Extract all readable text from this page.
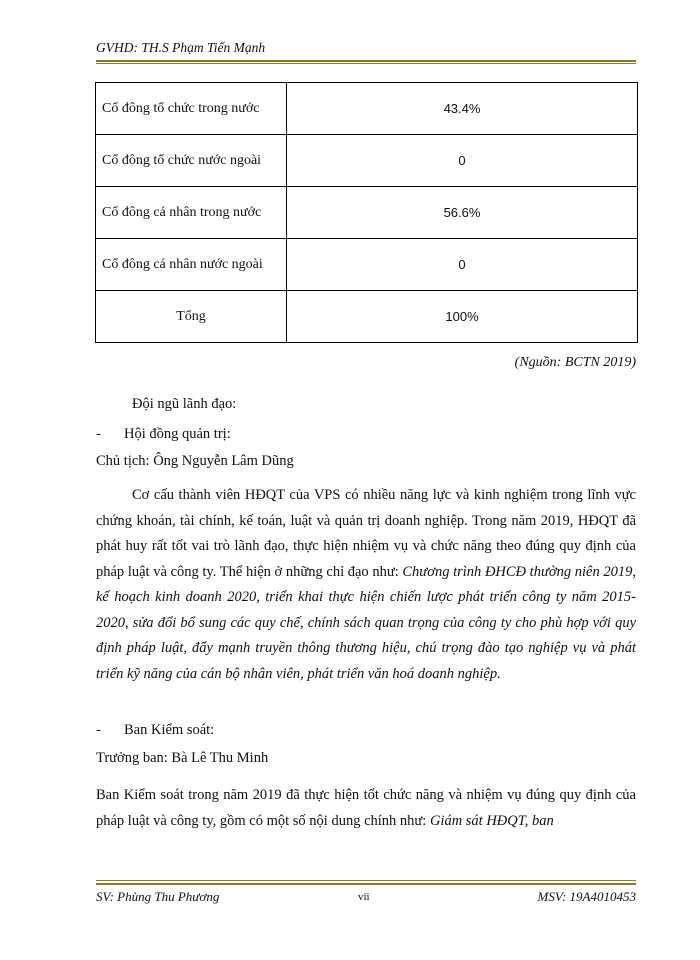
GVHD: TH.S Phạm Tiến Mạnh
Cổ đông tổ chức trong nước	43.4%
Cổ đông tổ chức nước ngoài	0
Cổ đông cá nhân trong nước	56.6%
Cổ đông cá nhân nước ngoài	0
Tổng	100%
(Nguồn: BCTN 2019)

Đội ngũ lãnh đạo:

- Hội đồng quản trị:

Chủ tịch: Ông Nguyễn Lâm Dũng

Cơ cấu thành viên HĐQT của VPS có nhiều năng lực và kinh nghiệm trong lĩnh vực chứng khoán, tài chính, kế toán, luật và quản trị doanh nghiệp. Trong năm 2019, HĐQT đã phát huy rất tốt vai trò lãnh đạo, thực hiện nhiệm vụ và chức năng theo đúng quy định của pháp luật và công ty. Thể hiện ở những chỉ đạo như: Chương trình ĐHCĐ thường niên 2019, kế hoạch kinh doanh 2020, triển khai thực hiện chiến lược phát triển công ty năm 2015-2020, sửa đổi bổ sung các quy chế, chính sách quan trọng của công ty cho phù hợp với quy định pháp luật, đẩy mạnh truyền thông thương hiệu, chú trọng đào tạo nghiệp vụ và phát triển kỹ năng của cán bộ nhân viên, phát triển văn hoá doanh nghiệp.

- Ban Kiểm soát:

Trưởng ban: Bà Lê Thu Minh

Ban Kiểm soát trong năm 2019 đã thực hiện tốt chức năng và nhiệm vụ đúng quy định của pháp luật và công ty, gồm có một số nội dung chính như: Giám sát HĐQT, ban

SV: Phùng Thu Phương	vii	MSV: 19A4010453
